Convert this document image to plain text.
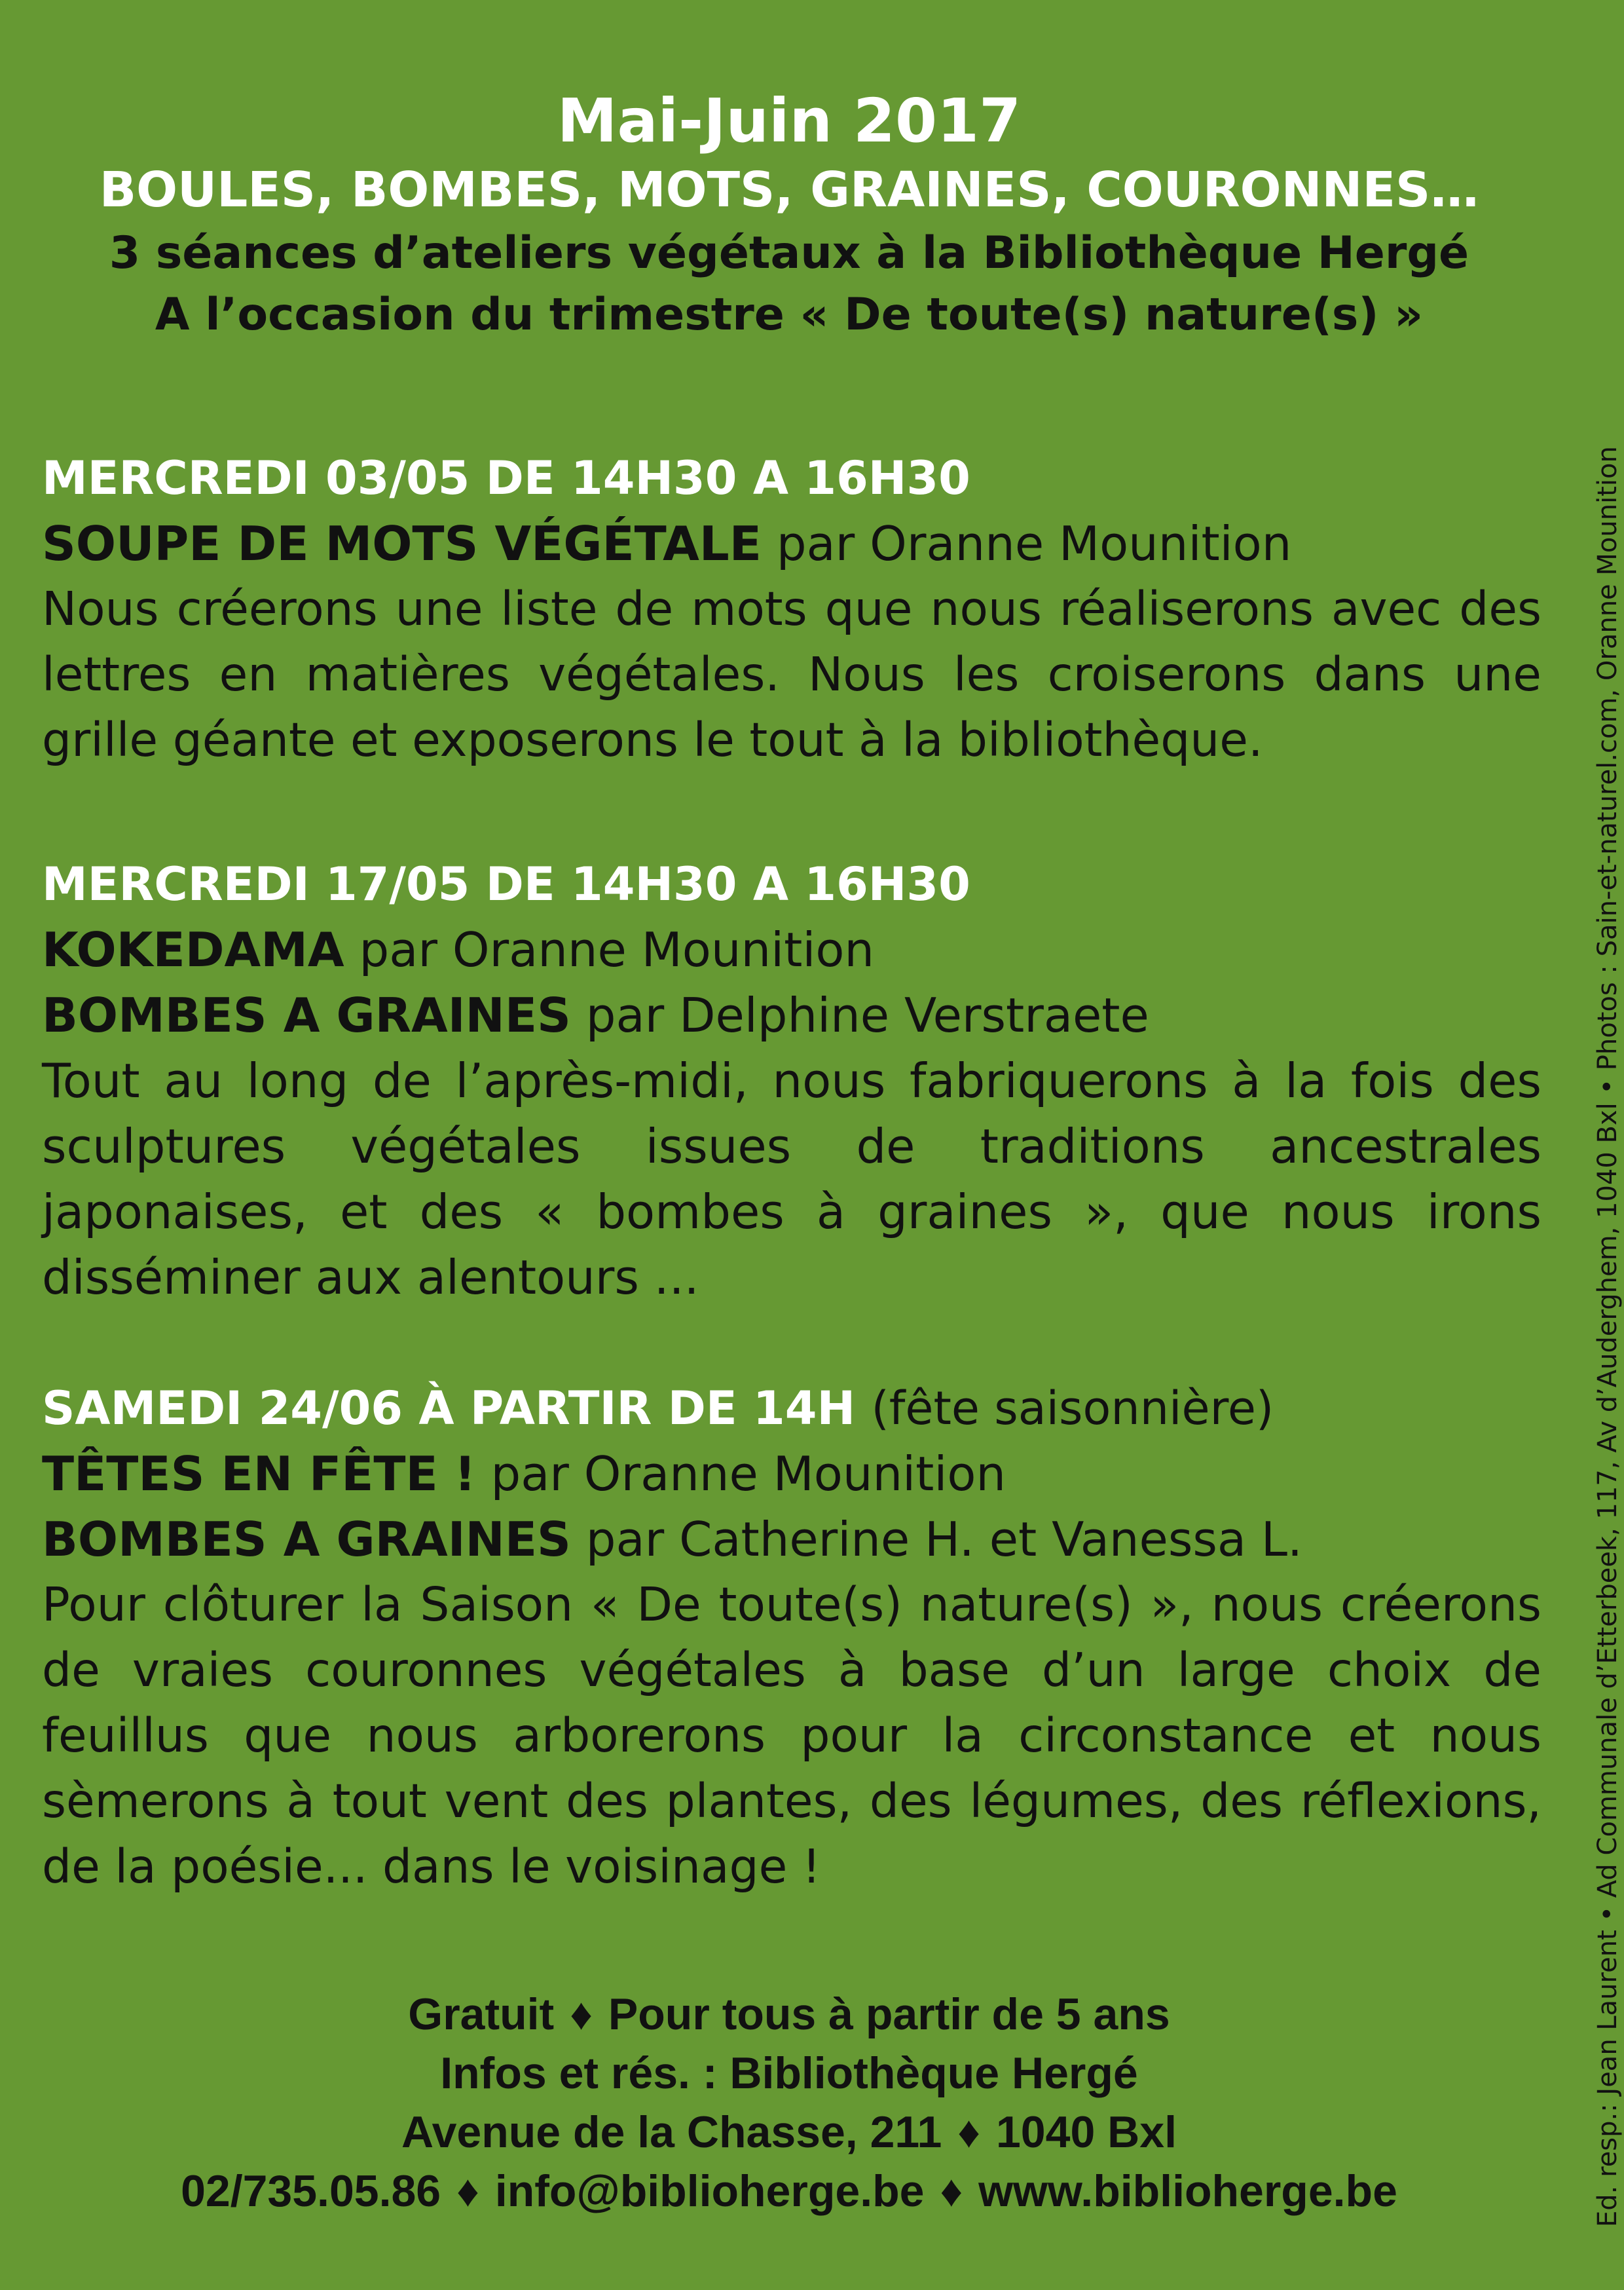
Mai-Juin 2017
BOULES, BOMBES, MOTS, GRAINES, COURONNES…
3 séances d’ateliers végétaux à la Bibliothèque Hergé
A l’occasion du trimestre « De toute(s) nature(s) »
MERCREDI 03/05 DE 14H30 A 16H30
SOUPE DE MOTS VÉGÉTALE par Oranne Mounition
Nous créerons une liste de mots que nous réaliserons avec des lettres en matières végétales. Nous les croiserons dans une grille géante et exposerons le tout à la bibliothèque.
MERCREDI 17/05 DE 14H30 A 16H30
KOKEDAMA par Oranne Mounition
BOMBES A GRAINES par Delphine Verstraete
Tout au long de l’après-midi, nous fabriquerons à la fois des sculptures végétales issues de traditions ancestrales japonaises, et des « bombes à graines », que nous irons disséminer aux alentours ...
SAMEDI 24/06 À PARTIR DE 14H (fête saisonnière)
TÊTES EN FÊTE ! par Oranne Mounition
BOMBES A GRAINES par Catherine H. et Vanessa L.
Pour clôturer la Saison « De toute(s) nature(s) », nous créerons de vraies couronnes végétales à base d’un large choix de feuillus que nous arborerons pour la circonstance et nous sèmerons à tout vent des plantes, des légumes, des réflexions, de la poésie... dans le voisinage !
Gratuit ♦ Pour tous à partir de 5 ans
Infos et rés. : Bibliothèque Hergé
Avenue de la Chasse, 211 ♦ 1040 Bxl
02/735.05.86 ♦ info@biblioherge.be ♦ www.biblioherge.be	Ed. resp.: Jean Laurent • Ad Communale d’Etterbeek, 117, Av d’Auderghem, 1040 Bxl • Photos : Sain-et-naturel.com, Oranne Mounition
